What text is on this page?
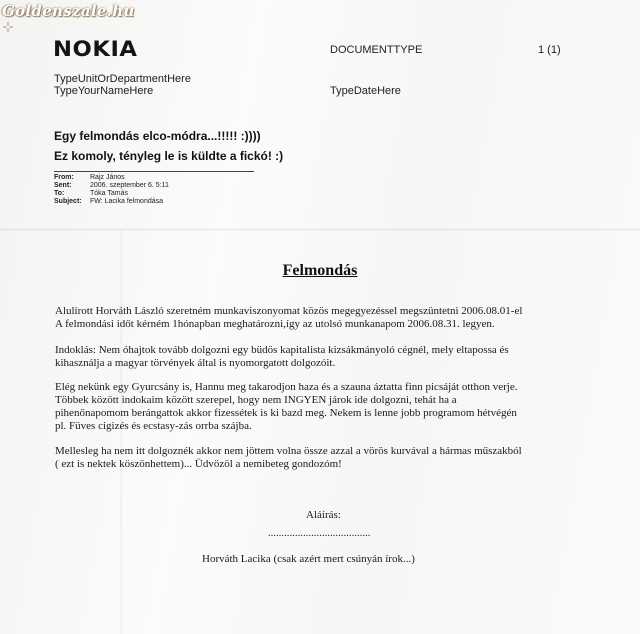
Goldenszale.hu
NOKIA	DOCUMENTTYPE	1 (1)
TypeUnitOrDepartmentHere
TypeYourNameHere	TypeDateHere
Egy felmondás elco-módra...!!!!! :))))
Ez komoly, tényleg le is küldte a fickó! :)
From:	Rajz János
Sent:	2006. szeptember 6. 5:11
To:	Tóka Tamás
Subject:	FW: Lacika felmondása
Felmondás
Alulírott Horváth László szeretném munkaviszonyomat közös megegyezéssel megszüntetni 2006.08.01-el
A felmondási időt kérném 1hónapban meghatározni,így az utolsó munkanapom 2006.08.31. legyen.
Indoklás: Nem óhajtok tovább dolgozni egy büdös kapitalista kizsákmányoló cégnél, mely eltapossa és
kihasználja a magyar törvények által is nyomorgatott dolgozóit.
Elég nekünk egy Gyurcsány is, Hannu meg takarodjon haza és a szauna áztatta finn picsáját otthon verje.
Többek között indokaim között szerepel, hogy nem INGYEN járok ide dolgozni, tehát ha a
pihenőnapomom berángattok akkor fizessétek is ki bazd meg. Nekem is lenne jobb programom hétvégén
pl. Füves cigizés és ecstasy-zás orrba szájba.
Mellesleg ha nem itt dolgoznék akkor nem jöttem volna össze azzal a vörös kurvával a hármas műszakból
( ezt is nektek köszönhettem)... Üdvözöl a nemibeteg gondozóm!
Aláírás:
......................................
Horváth Lacika (csak azért mert csúnyán írok...)
